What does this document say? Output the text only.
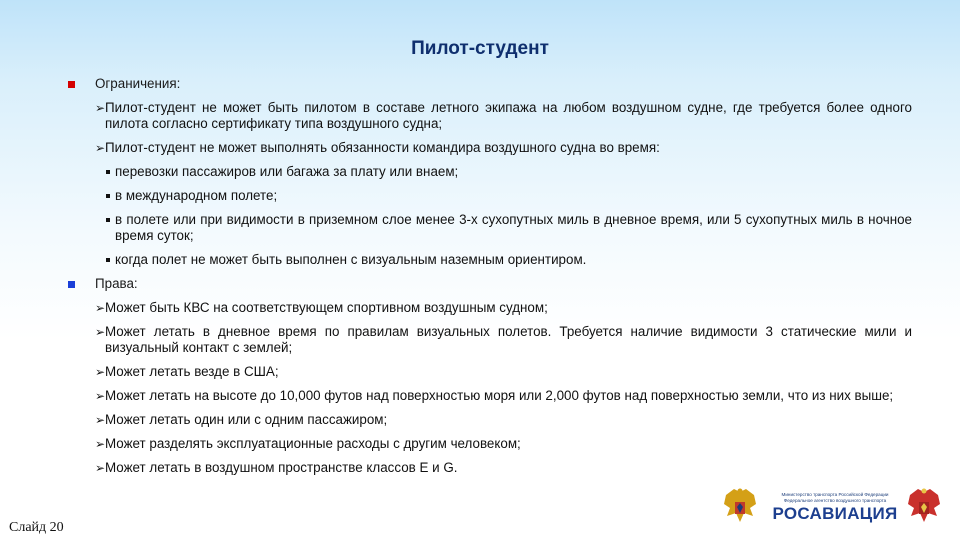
Пилот-студент
Ограничения:
➢ Пилот-студент не может быть пилотом в составе летного экипажа на любом воздушном судне, где требуется более одного пилота согласно сертификату типа воздушного судна;
➢ Пилот-студент не может выполнять обязанности командира воздушного судна во время:
перевозки пассажиров или багажа за плату или внаем;
в международном полете;
в полете или при видимости в приземном слое менее 3-х сухопутных миль в дневное время, или 5 сухопутных миль в ночное время суток;
когда полет не может быть выполнен с визуальным наземным ориентиром.
Права:
➢ Может быть КВС на соответствующем спортивном воздушным судном;
➢ Может летать в дневное время по правилам визуальных полетов. Требуется наличие видимости 3 статические мили и визуальный контакт с землей;
➢ Может летать везде в США;
➢ Может летать на высоте до 10,000 футов над поверхностью моря или 2,000 футов над поверхностью земли, что из них выше;
➢ Может летать один или с одним пассажиром;
➢ Может разделять эксплуатационные расходы с другим человеком;
➢ Может летать в воздушном пространстве классов E и G.
Слайд 20
Министерство транспорта Российской Федерации Федеральное агентство воздушного транспорта
РОСАВИАЦИЯ
